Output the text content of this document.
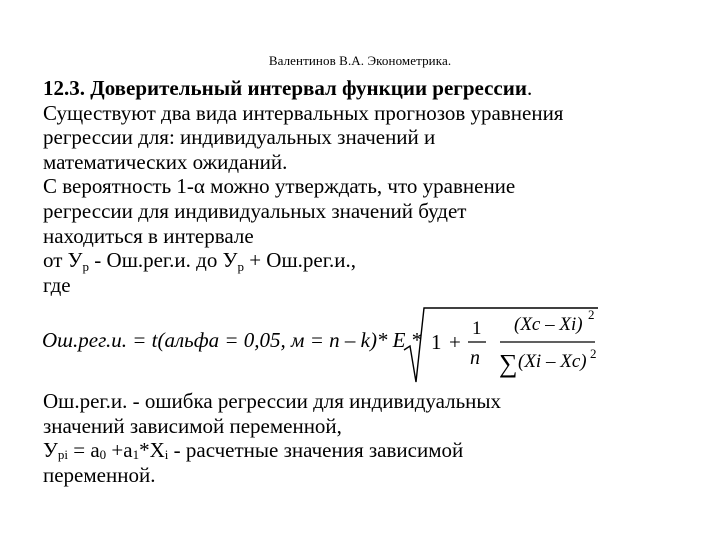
Валентинов В.А. Эконометрика.

12.3. Доверительный интервал функции регрессии.

Существуют два вида интервальных прогнозов уравнения

регрессии для: индивидуальных значений и

математических ожиданий.

С вероятность 1-α можно утверждать, что уравнение

регрессии для индивидуальных значений будет

находиться в интервале

от $У_р - Ош.рег.и$. до $У_р + Ош.рег.и$.,

где

Ош.рег.и. = t(альфа = 0,05, м = n – k)* E * 1 +
1
n
(Xc – Xi) 2
∑ (Xi – Xc) 2

Ош.рег.и. - ошибка регрессии для индивидуальных

значений зависимой переменной,

$У_{рi} = a_0 +a_1*X_i$ - расчетные значения зависимой

переменной.
